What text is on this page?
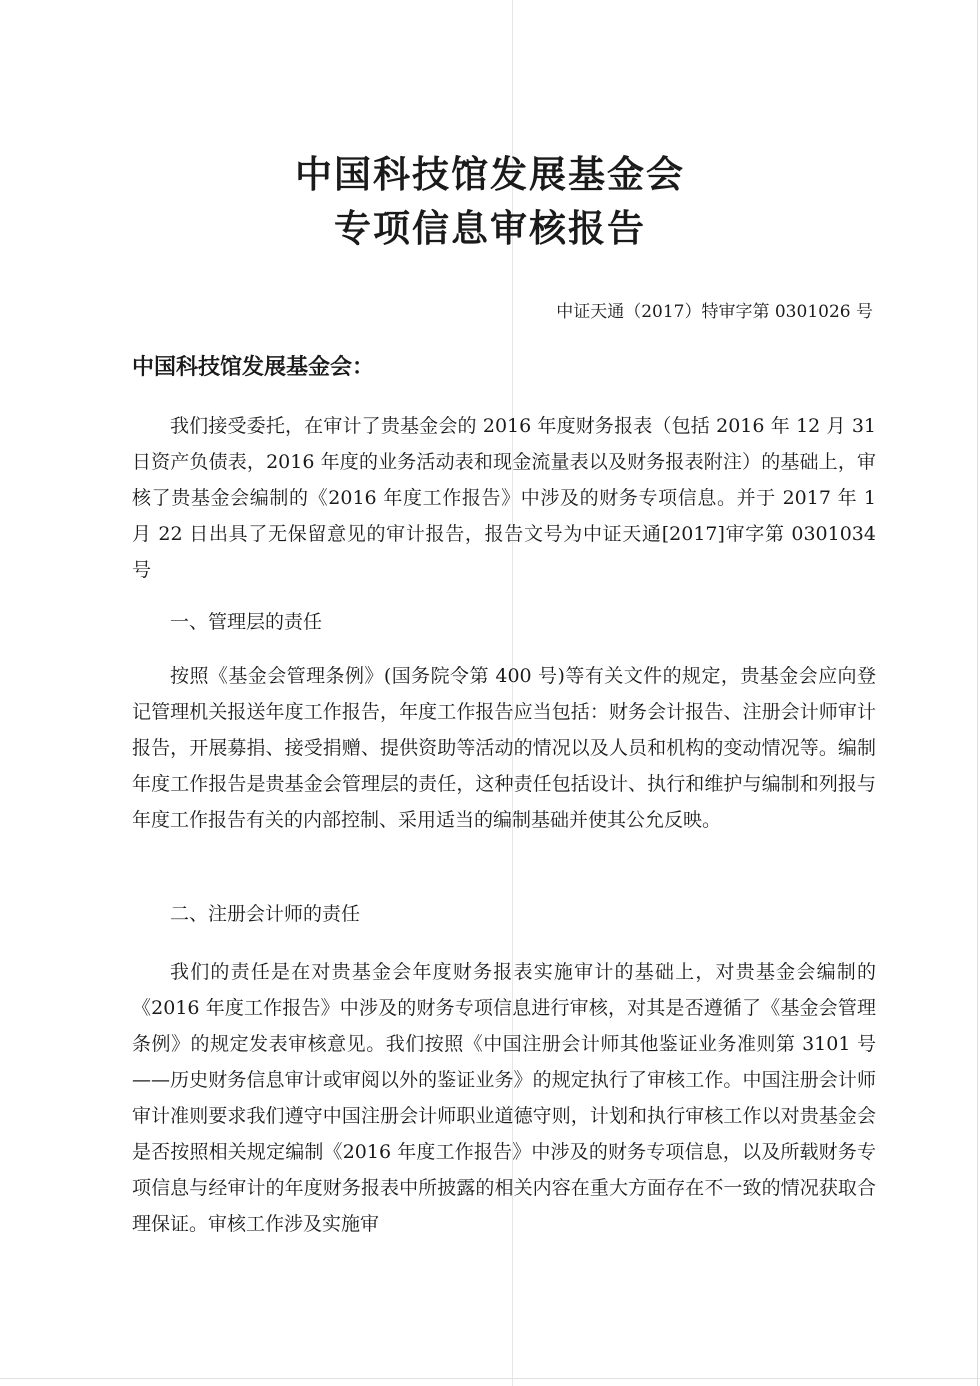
中国科技馆发展基金会
专项信息审核报告
中证天通（2017）特审字第 0301026 号
中国科技馆发展基金会：

我们接受委托，在审计了贵基金会的 2016 年度财务报表（包括 2016 年 12 月 31 日资产负债表，2016 年度的业务活动表和现金流量表以及财务报表附注）的基础上，审核了贵基金会编制的《2016 年度工作报告》中涉及的财务专项信息。并于 2017 年 1 月 22 日出具了无保留意见的审计报告，报告文号为中证天通[2017]审字第 0301034 号

一、管理层的责任

按照《基金会管理条例》(国务院令第 400 号)等有关文件的规定，贵基金会应向登记管理机关报送年度工作报告，年度工作报告应当包括：财务会计报告、注册会计师审计报告，开展募捐、接受捐赠、提供资助等活动的情况以及人员和机构的变动情况等。编制年度工作报告是贵基金会管理层的责任，这种责任包括设计、执行和维护与编制和列报与年度工作报告有关的内部控制、采用适当的编制基础并使其公允反映。

二、注册会计师的责任

我们的责任是在对贵基金会年度财务报表实施审计的基础上，对贵基金会编制的《2016 年度工作报告》中涉及的财务专项信息进行审核，对其是否遵循了《基金会管理条例》的规定发表审核意见。我们按照《中国注册会计师其他鉴证业务准则第 3101 号——历史财务信息审计或审阅以外的鉴证业务》的规定执行了审核工作。中国注册会计师审计准则要求我们遵守中国注册会计师职业道德守则，计划和执行审核工作以对贵基金会是否按照相关规定编制《2016 年度工作报告》中涉及的财务专项信息，以及所载财务专项信息与经审计的年度财务报表中所披露的相关内容在重大方面存在不一致的情况获取合理保证。审核工作涉及实施审
